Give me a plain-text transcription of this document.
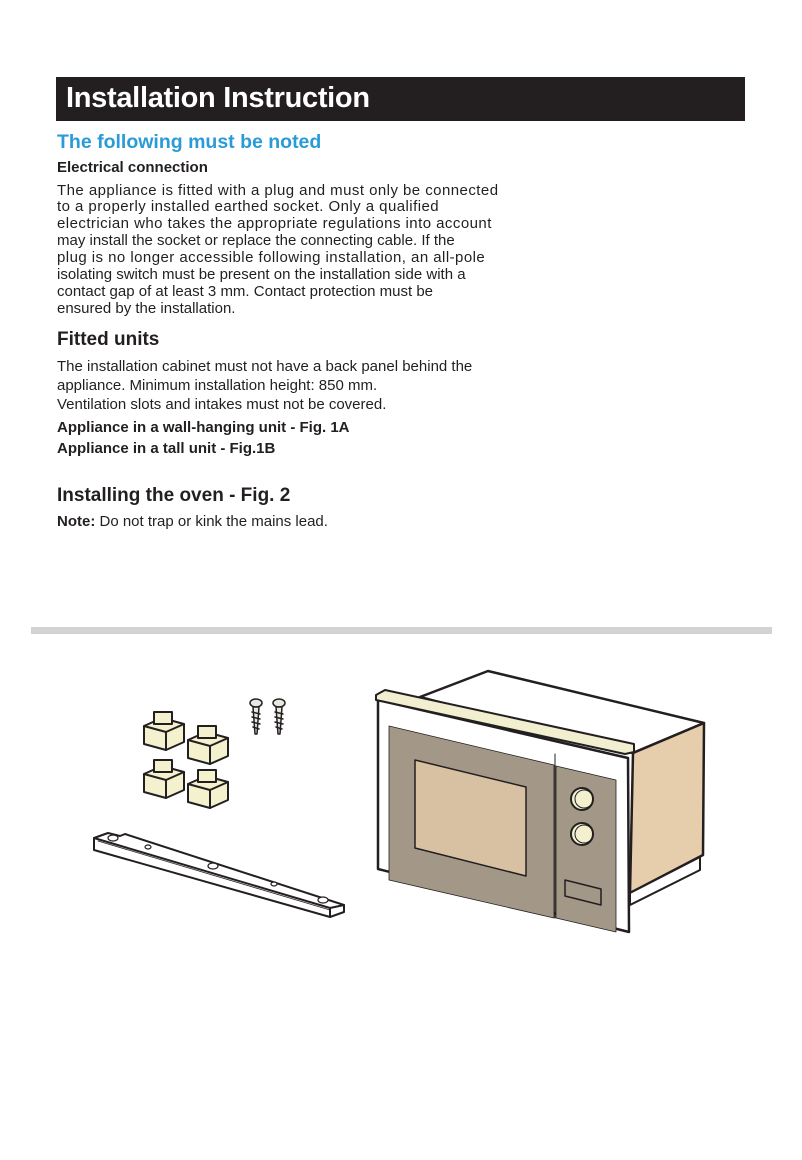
Installation Instruction
The following must be noted
Electrical connection

The appliance is fitted with a plug and must only be connected
to a properly installed earthed socket. Only a qualified
electrician who takes the appropriate regulations into account
may install the socket or replace the connecting cable. If the
plug is no longer accessible following installation, an all-pole
isolating switch must be present on the installation side with a
contact gap of at least 3 mm. Contact protection must be
ensured by the installation.

Fitted units

The installation cabinet must not have a back panel behind the
appliance. Minimum installation height: 850 mm.
Ventilation slots and intakes must not be covered.

Appliance in a wall-hanging unit - Fig. 1A

Appliance in a tall unit - Fig.1B

Installing the oven - Fig. 2

Note: Do not trap or kink the mains lead.
